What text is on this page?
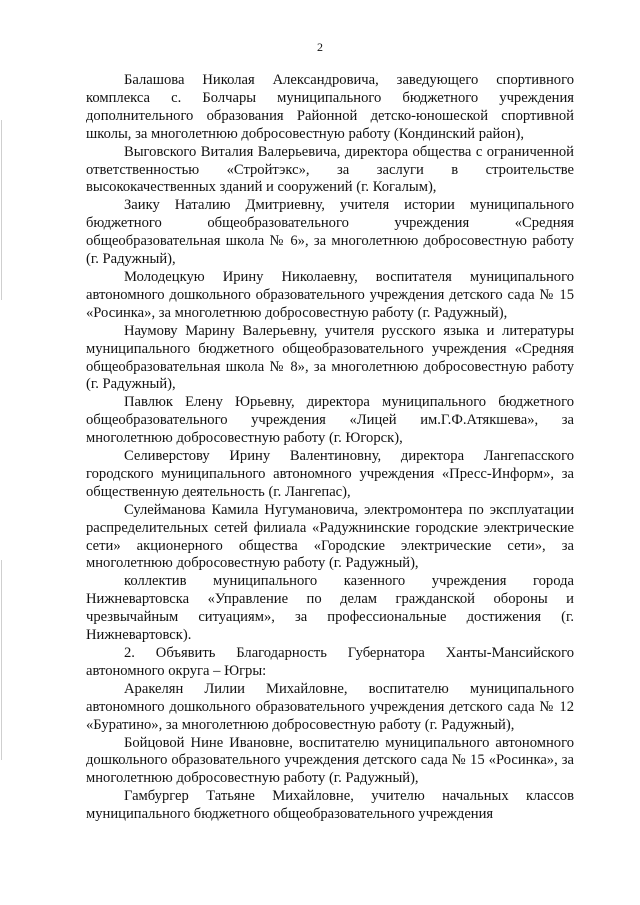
2

Балашова Николая Александровича, заведующего спортивного комплекса с. Болчары муниципального бюджетного учреждения дополнительного образования Районной детско-юношеской спортивной школы, за многолетнюю добросовестную работу (Кондинский район),

Выговского Виталия Валерьевича, директора общества с ограниченной ответственностью «Стройтэкс», за заслуги в строительстве высококачественных зданий и сооружений (г. Когалым),

Заику Наталию Дмитриевну, учителя истории муниципального бюджетного общеобразовательного учреждения «Средняя общеобразовательная школа № 6», за многолетнюю добросовестную работу (г. Радужный),

Молодецкую Ирину Николаевну, воспитателя муниципального автономного дошкольного образовательного учреждения детского сада № 15 «Росинка», за многолетнюю добросовестную работу (г. Радужный),

Наумову Марину Валерьевну, учителя русского языка и литературы муниципального бюджетного общеобразовательного учреждения «Средняя общеобразовательная школа № 8», за многолетнюю добросовестную работу (г. Радужный),

Павлюк Елену Юрьевну, директора муниципального бюджетного общеобразовательного учреждения «Лицей им.Г.Ф.Атякшева», за многолетнюю добросовестную работу (г. Югорск),

Селиверстову Ирину Валентиновну, директора Лангепасского городского муниципального автономного учреждения «Пресс-Информ», за общественную деятельность (г. Лангепас),

Сулейманова Камила Нугумановича, электромонтера по эксплуатации распределительных сетей филиала «Радужнинские городские электрические сети» акционерного общества «Городские электрические сети», за многолетнюю добросовестную работу (г. Радужный),

коллектив муниципального казенного учреждения города Нижневартовска «Управление по делам гражданской обороны и чрезвычайным ситуациям», за профессиональные достижения (г. Нижневартовск).

2. Объявить Благодарность Губернатора Ханты-Мансийского автономного округа – Югры:

Аракелян Лилии Михайловне, воспитателю муниципального автономного дошкольного образовательного учреждения детского сада № 12 «Буратино», за многолетнюю добросовестную работу (г. Радужный),

Бойцовой Нине Ивановне, воспитателю муниципального автономного дошкольного образовательного учреждения детского сада № 15 «Росинка», за многолетнюю добросовестную работу (г. Радужный),

Гамбургер Татьяне Михайловне, учителю начальных классов муниципального бюджетного общеобразовательного учреждения
